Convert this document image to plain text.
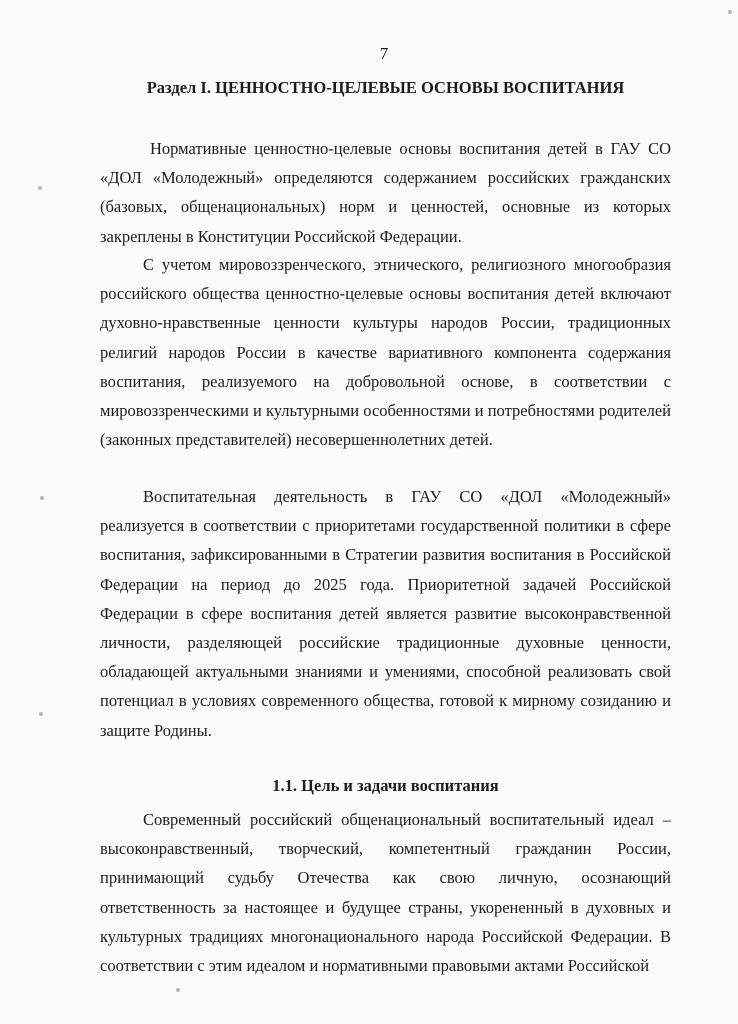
7
Раздел I. ЦЕННОСТНО-ЦЕЛЕВЫЕ ОСНОВЫ ВОСПИТАНИЯ

Нормативные ценностно-целевые основы воспитания детей в ГАУ СО «ДОЛ «Молодежный» определяются содержанием российских гражданских (базовых, общенациональных) норм и ценностей, основные из которых закреплены в Конституции Российской Федерации.

С учетом мировоззренческого, этнического, религиозного многообразия российского общества ценностно-целевые основы воспитания детей включают духовно-нравственные ценности культуры народов России, традиционных религий народов России в качестве вариативного компонента содержания воспитания, реализуемого на добровольной основе, в соответствии с мировоззренческими и культурными особенностями и потребностями родителей (законных представителей) несовершеннолетних детей.

Воспитательная деятельность в ГАУ СО «ДОЛ «Молодежный» реализуется в соответствии с приоритетами государственной политики в сфере воспитания, зафиксированными в Стратегии развития воспитания в Российской Федерации на период до 2025 года. Приоритетной задачей Российской Федерации в сфере воспитания детей является развитие высоконравственной личности, разделяющей российские традиционные духовные ценности, обладающей актуальными знаниями и умениями, способной реализовать свой потенциал в условиях современного общества, готовой к мирному созиданию и защите Родины.

1.1. Цель и задачи воспитания

Современный российский общенациональный воспитательный идеал – высоконравственный, творческий, компетентный гражданин России, принимающий судьбу Отечества как свою личную, осознающий ответственность за настоящее и будущее страны, укорененный в духовных и культурных традициях многонационального народа Российской Федерации. В соответствии с этим идеалом и нормативными правовыми актами Российской
